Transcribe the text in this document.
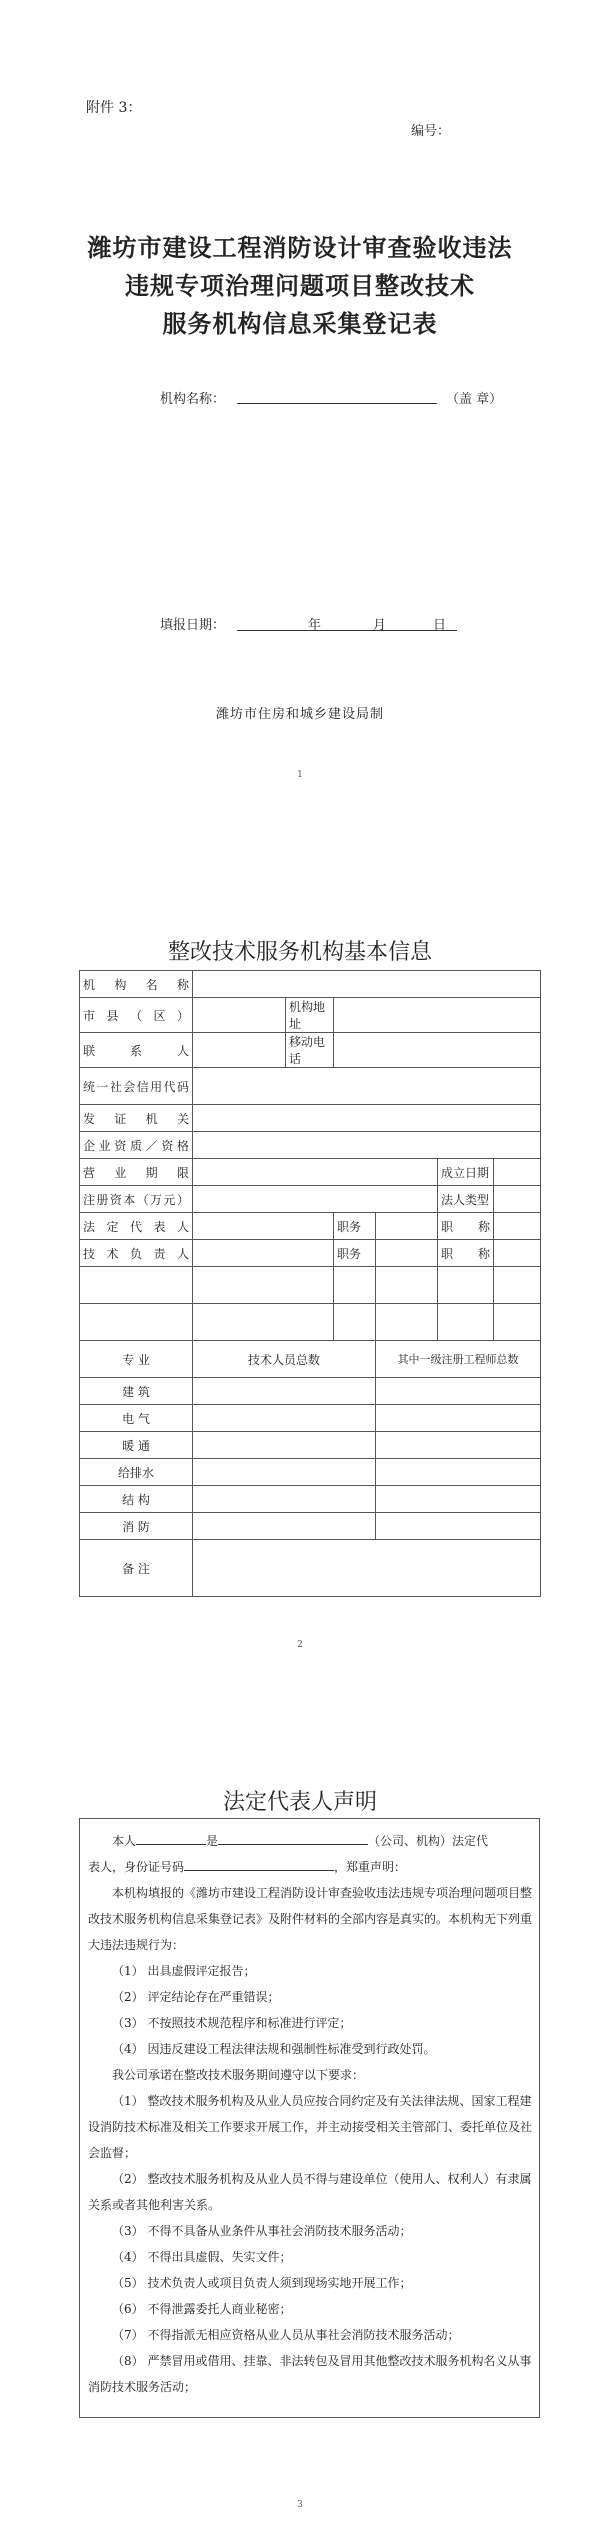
附件 3：
编号：
潍坊市建设工程消防设计审查验收违法
违规专项治理问题项目整改技术
服务机构信息采集登记表
机构名称：	（盖 章）
填报日期：	年	月	日
潍坊市住房和城乡建设局制
1
整改技术服务机构基本信息
机 构 名 称						
市 县 （ 区 ）		机构地址				
联 系 人		移动电话				
统一社会信用代码						
发 证 机 关						
企业资质／资格						
营 业 期 限					成立日期	
注册资本（万元）					法人类型	
法 定 代 表 人			职务		职 称	
技 术 负 责 人			职务		职 称	

专 业	技术人员总数			其中一级注册工程师总数		
建 筑						
电 气						
暖 通						
给排水						
结 构						
消 防						
备 注						
2
法定代表人声明

本人	是	（公司、机构）法定代

表人，身份证号码	，郑重声明：

本机构填报的《潍坊市建设工程消防设计审查验收违法违规专项治理问题项目整改技术服务机构信息采集登记表》及附件材料的全部内容是真实的。本机构无下列重大违法违规行为：

（1） 出具虚假评定报告；

（2） 评定结论存在严重错误；

（3） 不按照技术规范程序和标准进行评定；

（4） 因违反建设工程法律法规和强制性标准受到行政处罚。

我公司承诺在整改技术服务期间遵守以下要求：

（1） 整改技术服务机构及从业人员应按合同约定及有关法律法规、国家工程建设消防技术标准及相关工作要求开展工作，并主动接受相关主管部门、委托单位及社会监督；

（2） 整改技术服务机构及从业人员不得与建设单位（使用人、权利人）有隶属关系或者其他利害关系。

（3） 不得不具备从业条件从事社会消防技术服务活动；

（4） 不得出具虚假、失实文件；

（5） 技术负责人或项目负责人须到现场实地开展工作；

（6） 不得泄露委托人商业秘密；

（7） 不得指派无相应资格从业人员从事社会消防技术服务活动；

（8） 严禁冒用或借用、挂靠、非法转包及冒用其他整改技术服务机构名义从事消防技术服务活动；

3
